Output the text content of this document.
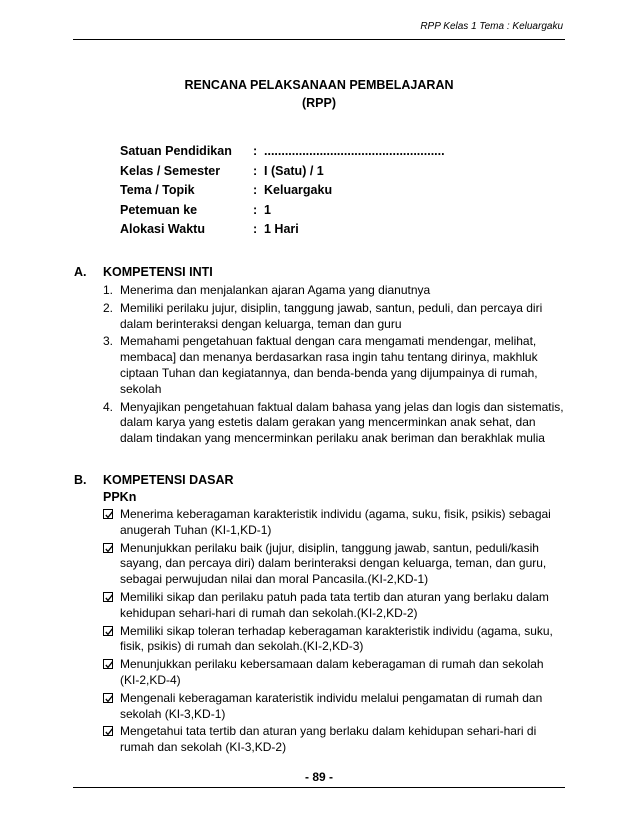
RPP Kelas 1 Tema : Keluargaku
RENCANA PELAKSANAAN PEMBELAJARAN
(RPP)
Satuan Pendidikan : ....................................................
Kelas / Semester	: I (Satu) / 1
Tema / Topik	: Keluargaku
Petemuan ke	: 1
Alokasi Waktu	: 1 Hari
A. KOMPETENSI INTI
1. Menerima dan menjalankan ajaran Agama yang dianutnya
2. Memiliki perilaku jujur, disiplin, tanggung jawab, santun, peduli, dan percaya diri dalam berinteraksi dengan keluarga, teman dan guru
3. Memahami pengetahuan faktual dengan cara mengamati mendengar, melihat, membaca] dan menanya berdasarkan rasa ingin tahu tentang dirinya, makhluk ciptaan Tuhan dan kegiatannya, dan benda-benda yang dijumpainya di rumah, sekolah
4. Menyajikan pengetahuan faktual dalam bahasa yang jelas dan logis dan sistematis, dalam karya yang estetis dalam gerakan yang mencerminkan anak sehat, dan dalam tindakan yang mencerminkan perilaku anak beriman dan berakhlak mulia
B. KOMPETENSI DASAR
PPKn
Menerima keberagaman karakteristik individu (agama, suku, fisik, psikis) sebagai anugerah Tuhan (KI-1,KD-1)
Menunjukkan perilaku baik (jujur, disiplin, tanggung jawab, santun, peduli/kasih sayang, dan percaya diri) dalam berinteraksi dengan keluarga, teman, dan guru, sebagai perwujudan nilai dan moral Pancasila.(KI-2,KD-1)
Memiliki sikap dan perilaku patuh pada tata tertib dan aturan yang berlaku dalam kehidupan sehari-hari di rumah dan sekolah.(KI-2,KD-2)
Memiliki sikap toleran terhadap keberagaman karakteristik individu (agama, suku, fisik, psikis) di rumah dan sekolah.(KI-2,KD-3)
Menunjukkan perilaku kebersamaan dalam keberagaman di rumah dan sekolah (KI-2,KD-4)
Mengenali keberagaman karateristik individu melalui pengamatan di rumah dan sekolah (KI-3,KD-1)
Mengetahui tata tertib dan aturan yang berlaku dalam kehidupan sehari-hari di rumah dan sekolah (KI-3,KD-2)
- 89 -
